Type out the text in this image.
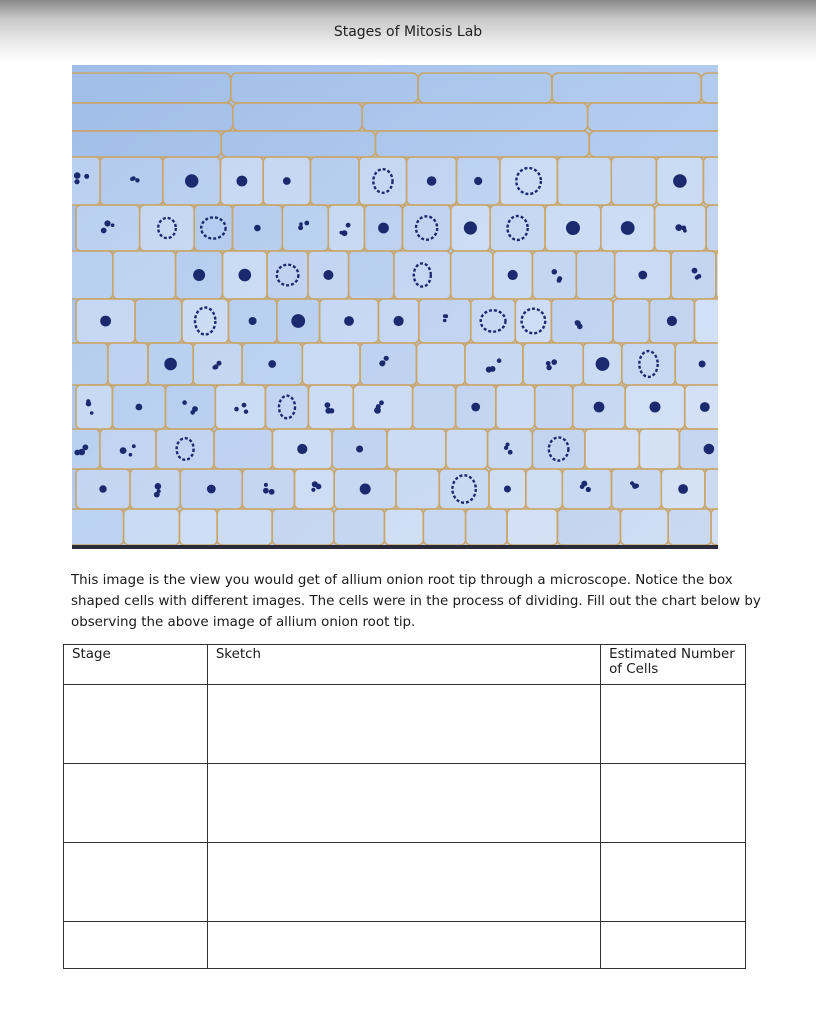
Stages of Mitosis Lab
This image is the view you would get of allium onion root tip through a microscope. Notice the box shaped cells with different images. The cells were in the process of dividing. Fill out the chart below by observing the above image of allium onion root tip.
Stage	Sketch	Estimated Number of Cells
